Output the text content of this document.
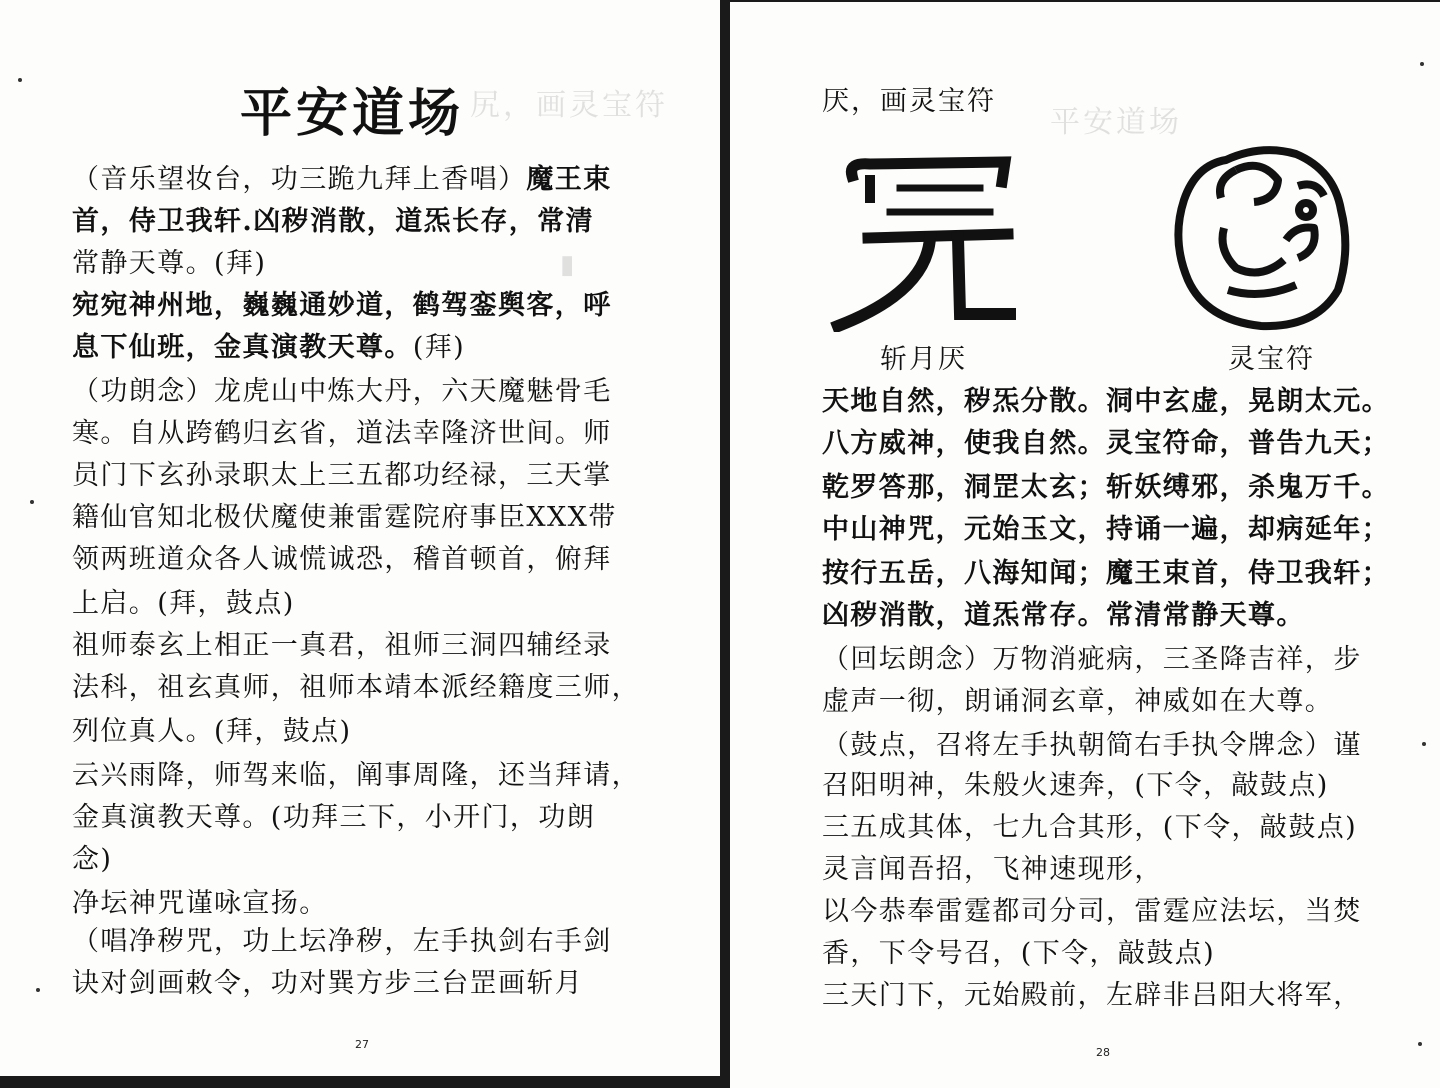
尻，画灵宝符
▮
平安道场
（音乐望妆台，功三跪九拜上香唱）魔王束
首，侍卫我轩.凶秽消散，道炁长存，常清
常静天尊。(拜)
宛宛神州地，巍巍通妙道，鹤驾銮舆客，呼
息下仙班，金真演教天尊。(拜)
（功朗念）龙虎山中炼大丹，六天魔魅骨毛
寒。自从跨鹤归玄省，道法幸隆济世间。师
员门下玄孙录职太上三五都功经禄，三天掌
籍仙官知北极伏魔使兼雷霆院府事臣XXX带
领两班道众各人诚慌诚恐，稽首顿首，俯拜
上启。(拜，鼓点)
祖师泰玄上相正一真君，祖师三洞四辅经录
法科，祖玄真师，祖师本靖本派经籍度三师，
列位真人。(拜，鼓点)
云兴雨降，师驾来临，阐事周隆，还当拜请，
金真演教天尊。(功拜三下，小开门，功朗
念)
净坛神咒谨咏宣扬。
（唱净秽咒，功上坛净秽，左手执剑右手剑
诀对剑画敕令，功对巽方步三台罡画斩月
27
平安道场
厌，画灵宝符
斩月厌	灵宝符
天地自然，秽炁分散。洞中玄虚，晃朗太元。
八方威神，使我自然。灵宝符命，普告九天；
乾罗答那，洞罡太玄；斩妖缚邪，杀鬼万千。
中山神咒，元始玉文，持诵一遍，却病延年；
按行五岳，八海知闻；魔王束首，侍卫我轩；
凶秽消散，道炁常存。常清常静天尊。
（回坛朗念）万物消疵病，三圣降吉祥，步
虚声一彻，朗诵洞玄章，神威如在大尊。
（鼓点，召将左手执朝简右手执令牌念）谨
召阳明神，朱般火速奔，(下令，敲鼓点)
三五成其体，七九合其形，(下令，敲鼓点)
灵言闻吾招，飞神速现形，
以今恭奉雷霆都司分司，雷霆应法坛，当焚
香，下令号召，(下令，敲鼓点)
三天门下，元始殿前，左辟非吕阳大将军，
28
